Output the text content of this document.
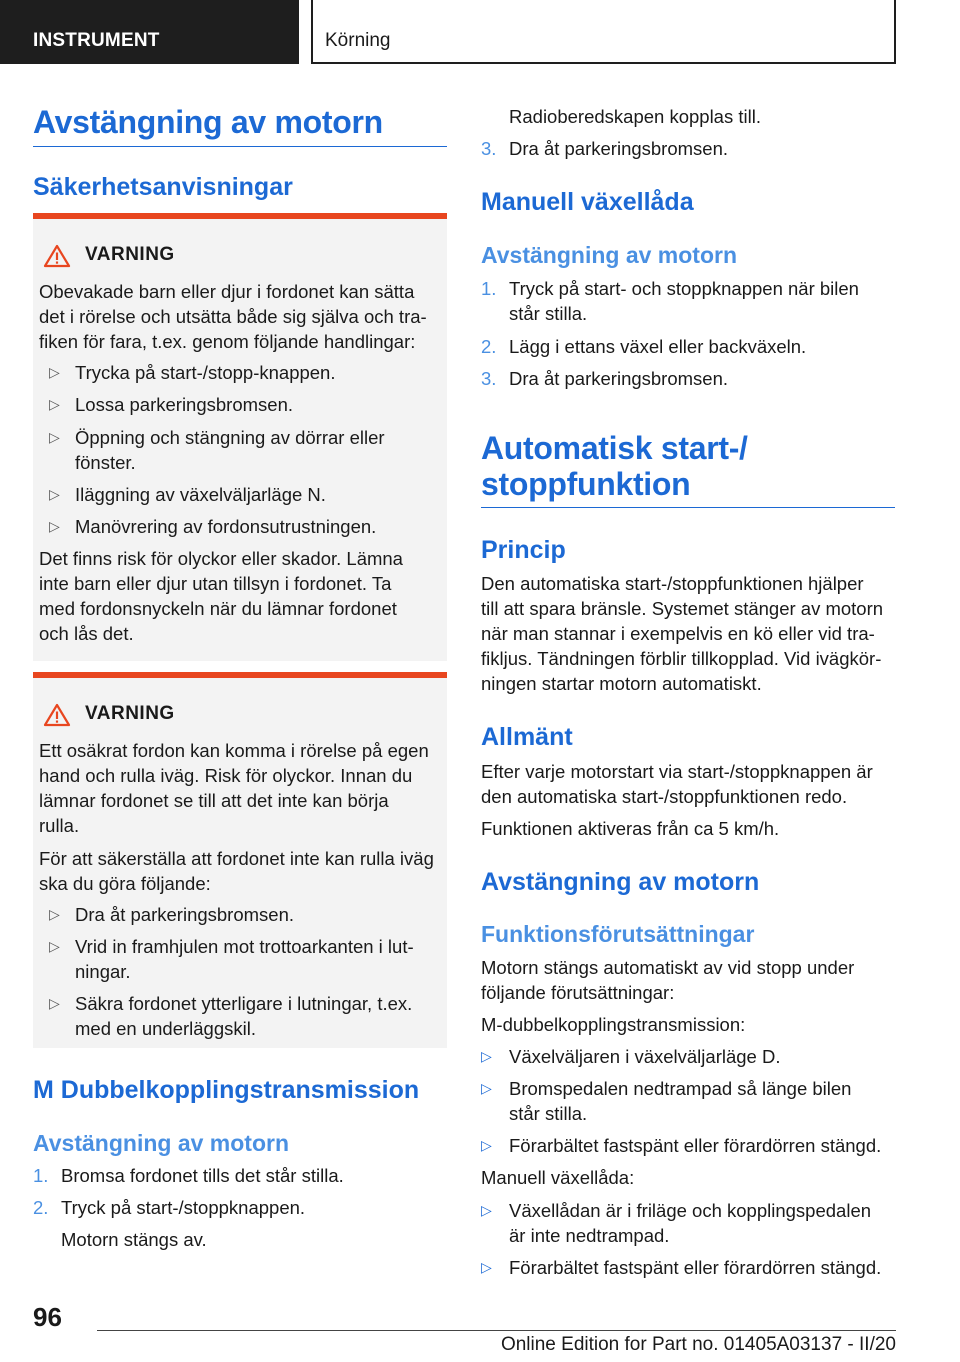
INSTRUMENT	Körning
Avstängning av motorn
Säkerhetsanvisningar
VARNING
Obevakade barn eller djur i fordonet kan sätta
det i rörelse och utsätta både sig själva och tra-
fiken för fara, t.ex. genom följande handlingar:
▷ Trycka på start-/stopp-knappen.
▷ Lossa parkeringsbromsen.
▷ Öppning och stängning av dörrar eller
fönster.
▷ Iläggning av växelväljarläge N.
▷ Manövrering av fordonsutrustningen.
Det finns risk för olyckor eller skador. Lämna
inte barn eller djur utan tillsyn i fordonet. Ta
med fordonsnyckeln när du lämnar fordonet
och lås det.
VARNING
Ett osäkrat fordon kan komma i rörelse på egen
hand och rulla iväg. Risk för olyckor. Innan du
lämnar fordonet se till att det inte kan börja
rulla.
För att säkerställa att fordonet inte kan rulla iväg
ska du göra följande:
▷ Dra åt parkeringsbromsen.
▷ Vrid in framhjulen mot trottoarkanten i lut-
ningar.
▷ Säkra fordonet ytterligare i lutningar, t.ex.
med en underläggskil.
M Dubbelkopplingstransmission
Avstängning av motorn
1. Bromsa fordonet tills det står stilla.
2. Tryck på start-/stoppknappen.
Motorn stängs av.
Radioberedskapen kopplas till.
3. Dra åt parkeringsbromsen.
Manuell växellåda
Avstängning av motorn
1. Tryck på start- och stoppknappen när bilen
står stilla.
2. Lägg i ettans växel eller backväxeln.
3. Dra åt parkeringsbromsen.
Automatisk start-/
stoppfunktion
Princip
Den automatiska start-/stoppfunktionen hjälper
till att spara bränsle. Systemet stänger av motorn
när man stannar i exempelvis en kö eller vid tra-
fikljus. Tändningen förblir tillkopplad. Vid ivägkör-
ningen startar motorn automatiskt.
Allmänt
Efter varje motorstart via start-/stoppknappen är
den automatiska start-/stoppfunktionen redo.
Funktionen aktiveras från ca 5 km/h.
Avstängning av motorn
Funktionsförutsättningar
Motorn stängs automatiskt av vid stopp under
följande förutsättningar:
M-dubbelkopplingstransmission:
▷ Växelväljaren i växelväljarläge D.
▷ Bromspedalen nedtrampad så länge bilen
står stilla.
▷ Förarbältet fastspänt eller förardörren stängd.
Manuell växellåda:
▷ Växellådan är i friläge och kopplingspedalen
är inte nedtrampad.
▷ Förarbältet fastspänt eller förardörren stängd.
96
Online Edition for Part no. 01405A03137 - II/20
